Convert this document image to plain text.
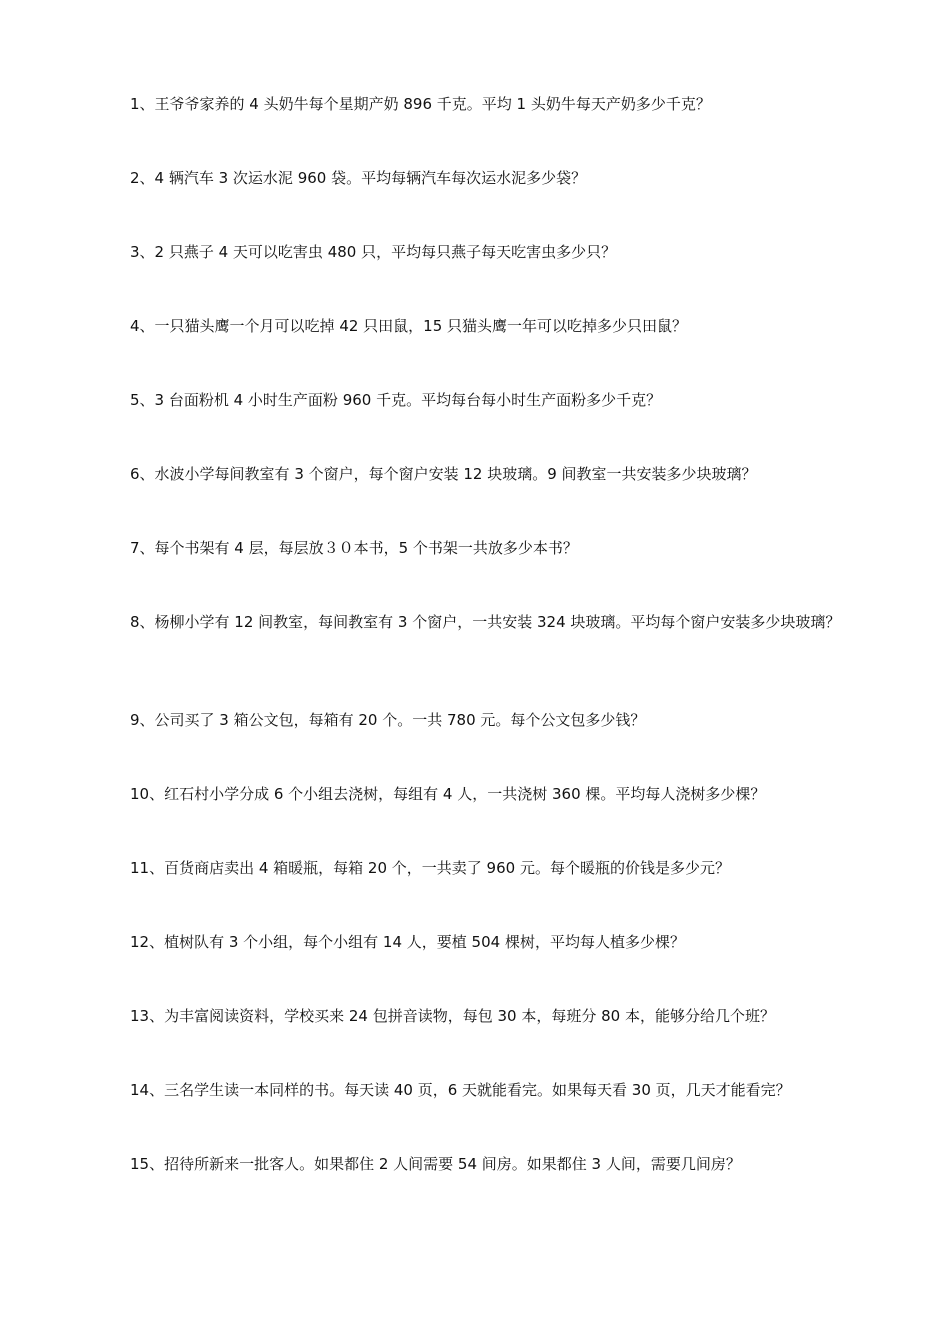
1、王爷爷家养的 4 头奶牛每个星期产奶 896 千克。平均 1 头奶牛每天产奶多少千克？

2、4 辆汽车 3 次运水泥 960 袋。平均每辆汽车每次运水泥多少袋？

3、2 只燕子 4 天可以吃害虫 480 只，平均每只燕子每天吃害虫多少只？

4、一只猫头鹰一个月可以吃掉 42 只田鼠，15 只猫头鹰一年可以吃掉多少只田鼠？

5、3 台面粉机 4 小时生产面粉 960 千克。平均每台每小时生产面粉多少千克？

6、水波小学每间教室有 3 个窗户，每个窗户安装 12 块玻璃。9 间教室一共安装多少块玻璃？

7、每个书架有 4 层，每层放３０本书，5 个书架一共放多少本书？

8、杨柳小学有 12 间教室，每间教室有 3 个窗户，一共安装 324 块玻璃。平均每个窗户安装多少块玻璃？

9、公司买了 3 箱公文包，每箱有 20 个。一共 780 元。每个公文包多少钱？

10、红石村小学分成 6 个小组去浇树，每组有 4 人，一共浇树 360 棵。平均每人浇树多少棵？

11、百货商店卖出 4 箱暖瓶，每箱 20 个，一共卖了 960 元。每个暖瓶的价钱是多少元？

12、植树队有 3 个小组，每个小组有 14 人，要植 504 棵树，平均每人植多少棵？

13、为丰富阅读资料，学校买来 24 包拼音读物，每包 30 本，每班分 80 本，能够分给几个班？

14、三名学生读一本同样的书。每天读 40 页，6 天就能看完。如果每天看 30 页，几天才能看完？

15、招待所新来一批客人。如果都住 2 人间需要 54 间房。如果都住 3 人间，需要几间房？
